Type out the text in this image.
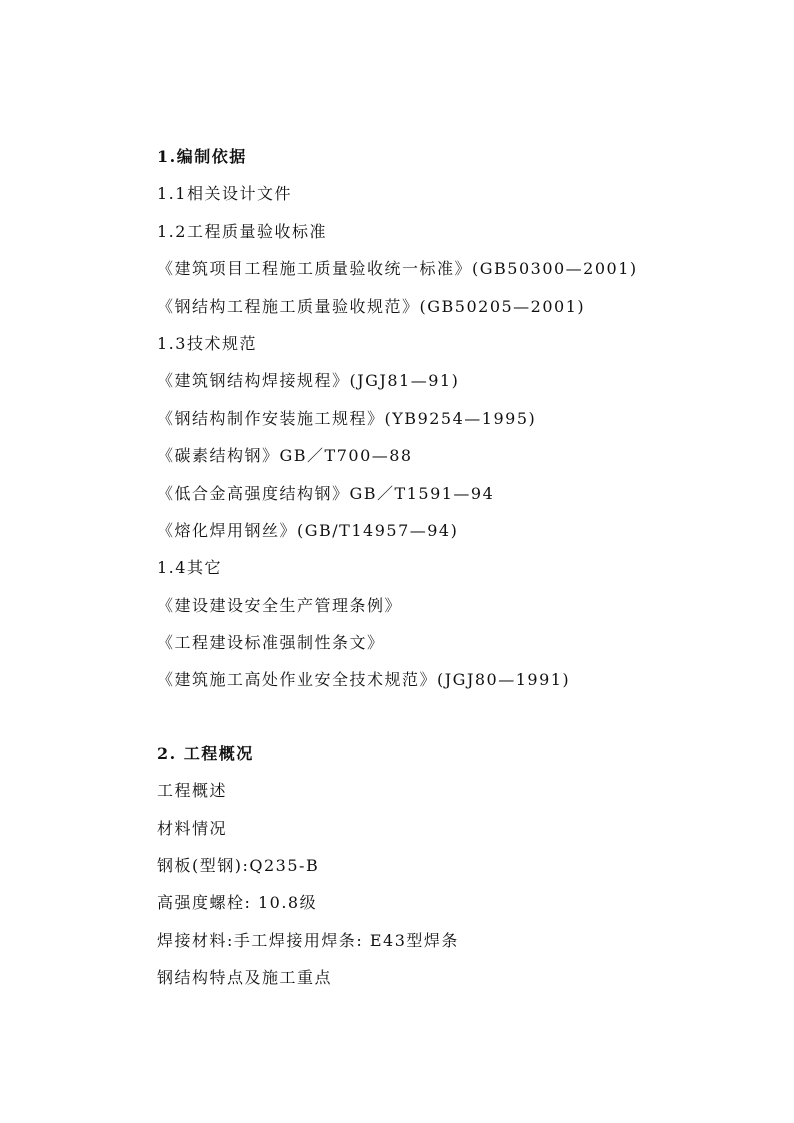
1.编制依据
1.1相关设计文件
1.2工程质量验收标准
《建筑项目工程施工质量验收统一标准》(GB50300—2001)
《钢结构工程施工质量验收规范》(GB50205—2001)
1.3技术规范
《建筑钢结构焊接规程》(JGJ81—91)
《钢结构制作安装施工规程》(YB9254—1995)
《碳素结构钢》GB／T700—88
《低合金高强度结构钢》GB／T1591—94
《熔化焊用钢丝》(GB/T14957—94)
1.4其它
《建设建设安全生产管理条例》
《工程建设标准强制性条文》
《建筑施工高处作业安全技术规范》(JGJ80—1991)
2. 工程概况
工程概述
材料情况
钢板(型钢):Q235-B
高强度螺栓: 10.8级
焊接材料:手工焊接用焊条: E43型焊条
钢结构特点及施工重点
